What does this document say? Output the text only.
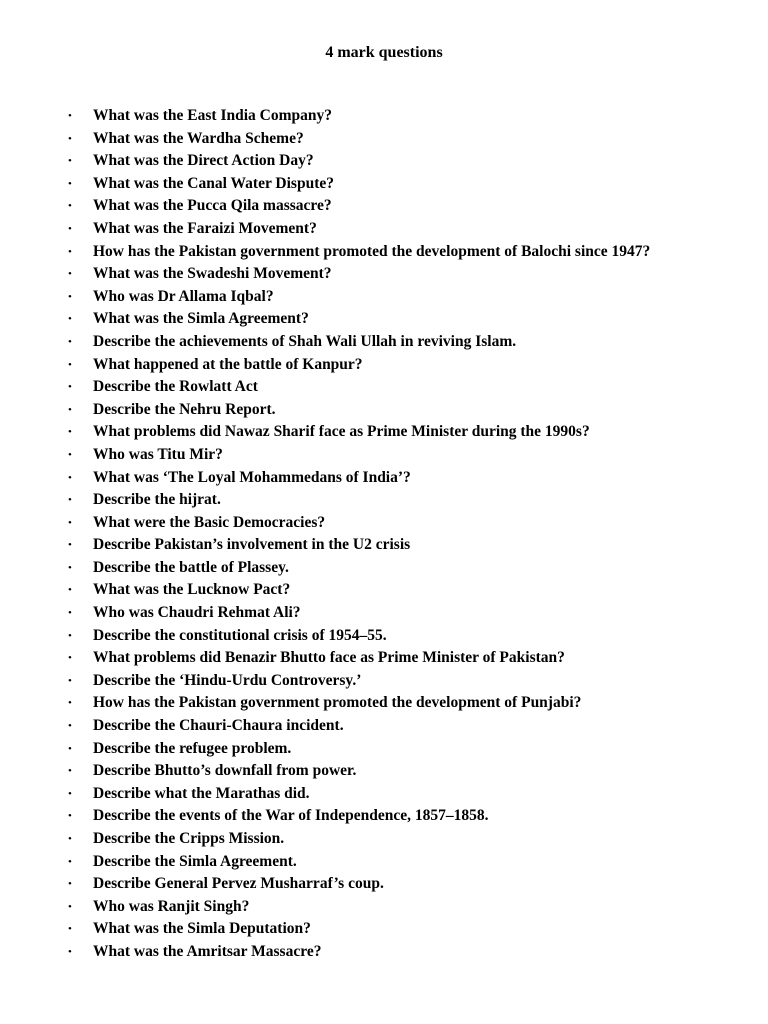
4 mark questions
• What was the East India Company?
• What was the Wardha Scheme?
• What was the Direct Action Day?
• What was the Canal Water Dispute?
• What was the Pucca Qila massacre?
• What was the Faraizi Movement?
• How has the Pakistan government promoted the development of Balochi since 1947?
• What was the Swadeshi Movement?
• Who was Dr Allama Iqbal?
• What was the Simla Agreement?
• Describe the achievements of Shah Wali Ullah in reviving Islam.
• What happened at the battle of Kanpur?
• Describe the Rowlatt Act
• Describe the Nehru Report.
• What problems did Nawaz Sharif face as Prime Minister during the 1990s?
• Who was Titu Mir?
• What was ‘The Loyal Mohammedans of India’?
• Describe the hijrat.
• What were the Basic Democracies?
• Describe Pakistan’s involvement in the U2 crisis
• Describe the battle of Plassey.
• What was the Lucknow Pact?
• Who was Chaudri Rehmat Ali?
• Describe the constitutional crisis of 1954–55.
• What problems did Benazir Bhutto face as Prime Minister of Pakistan?
• Describe the ‘Hindu-Urdu Controversy.’
• How has the Pakistan government promoted the development of Punjabi?
• Describe the Chauri-Chaura incident.
• Describe the refugee problem.
• Describe Bhutto’s downfall from power.
• Describe what the Marathas did.
• Describe the events of the War of Independence, 1857–1858.
• Describe the Cripps Mission.
• Describe the Simla Agreement.
• Describe General Pervez Musharraf’s coup.
• Who was Ranjit Singh?
• What was the Simla Deputation?
• What was the Amritsar Massacre?
